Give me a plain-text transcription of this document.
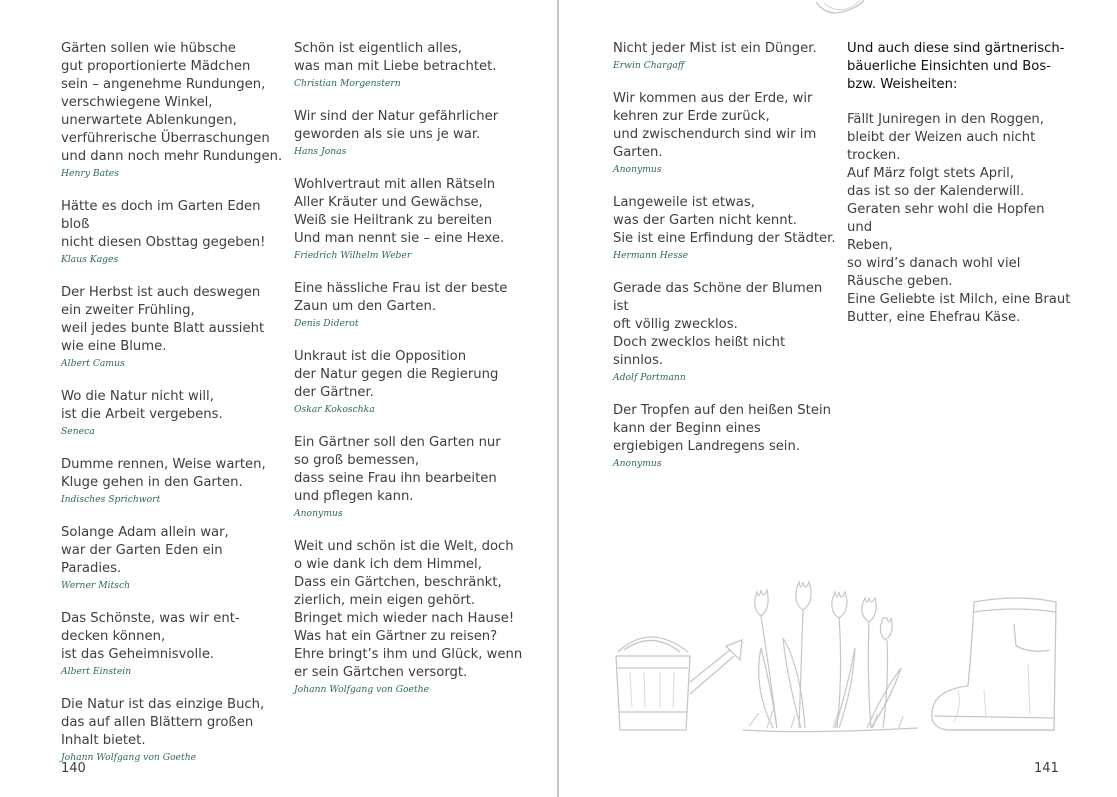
Gärten sollen wie hübsche
gut proportionierte Mädchen
sein – angenehme Rundungen,
verschwiegene Winkel,
unerwartete Ablenkungen,
verführerische Überraschungen
und dann noch mehr Rundungen.
Henry Bates
Hätte es doch im Garten Eden bloß
nicht diesen Obsttag gegeben!
Klaus Kages
Der Herbst ist auch deswegen
ein zweiter Frühling,
weil jedes bunte Blatt aussieht
wie eine Blume.
Albert Camus
Wo die Natur nicht will,
ist die Arbeit vergebens.
Seneca
Dumme rennen, Weise warten,
Kluge gehen in den Garten.
Indisches Sprichwort
Solange Adam allein war,
war der Garten Eden ein Paradies.
Werner Mitsch
Das Schönste, was wir ent-
decken können,
ist das Geheimnisvolle.
Albert Einstein
Die Natur ist das einzige Buch,
das auf allen Blättern großen
Inhalt bietet.
Johann Wolfgang von Goethe
Schön ist eigentlich alles,
was man mit Liebe betrachtet.
Christian Morgenstern
Wir sind der Natur gefährlicher
geworden als sie uns je war.
Hans Jonas
Wohlvertraut mit allen Rätseln
Aller Kräuter und Gewächse,
Weiß sie Heiltrank zu bereiten
Und man nennt sie – eine Hexe.
Friedrich Wilhelm Weber
Eine hässliche Frau ist der beste
Zaun um den Garten.
Denis Diderot
Unkraut ist die Opposition
der Natur gegen die Regierung
der Gärtner.
Oskar Kokoschka
Ein Gärtner soll den Garten nur
so groß bemessen,
dass seine Frau ihn bearbeiten
und pflegen kann.
Anonymus
Weit und schön ist die Welt, doch
o wie dank ich dem Himmel,
Dass ein Gärtchen, beschränkt,
zierlich, mein eigen gehört.
Bringet mich wieder nach Hause!
Was hat ein Gärtner zu reisen?
Ehre bringt’s ihm und Glück, wenn
er sein Gärtchen versorgt.
Johann Wolfgang von Goethe
140
Nicht jeder Mist ist ein Dünger.
Erwin Chargaff
Wir kommen aus der Erde, wir
kehren zur Erde zurück,
und zwischendurch sind wir im
Garten.
Anonymus
Langeweile ist etwas,
was der Garten nicht kennt.
Sie ist eine Erfindung der Städter.
Hermann Hesse
Gerade das Schöne der Blumen ist
oft völlig zwecklos.
Doch zwecklos heißt nicht sinnlos.
Adolf Portmann
Der Tropfen auf den heißen Stein
kann der Beginn eines
ergiebigen Landregens sein.
Anonymus
Und auch diese sind gärtnerisch-
bäuerliche Einsichten und Bos-
bzw. Weisheiten:
Fällt Juniregen in den Roggen,
bleibt der Weizen auch nicht
trocken.
Auf März folgt stets April,
das ist so der Kalenderwill.
Geraten sehr wohl die Hopfen und
Reben,
so wird’s danach wohl viel
Räusche geben.
Eine Geliebte ist Milch, eine Braut
Butter, eine Ehefrau Käse.
141
